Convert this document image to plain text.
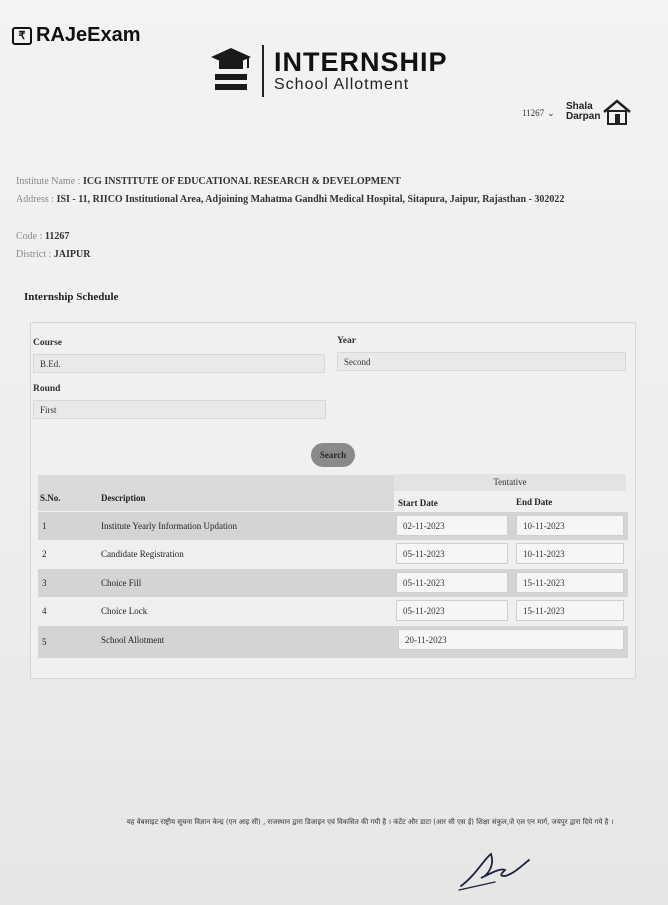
₹ RAJeExam
INTERNSHIP
School Allotment
11267 ⌄
Shala
Darpan
Institute Name : ICG INSTITUTE OF EDUCATIONAL RESEARCH & DEVELOPMENT
Address : ISI - 11, RIICO Institutional Area, Adjoining Mahatma Gandhi Medical Hospital, Sitapura, Jaipur, Rajasthan - 302022
Code : 11267
District : JAIPUR
Internship Schedule
Course
B.Ed.
Year
Second
Round
First
Search
Tentative
S.No.	Description	Start Date	End Date
1	Institute Yearly Information Updation	02-11-2023	10-11-2023
2	Candidate Registration	05-11-2023	10-11-2023
3	Choice Fill	05-11-2023	15-11-2023
4	Choice Lock	05-11-2023	15-11-2023
5	School Allotment	20-11-2023
यह वेबसाइट राष्ट्रीय सूचना विज्ञान केन्द्र (एन आइ सी) , राजस्थान द्वारा डिजाइन एवं विकसित की गयी है । कंटेंट और डाटा (आर सी एस ई) शिक्षा संकुल,जे एल एन मार्ग, जयपुर द्वारा दिये गये है ।
